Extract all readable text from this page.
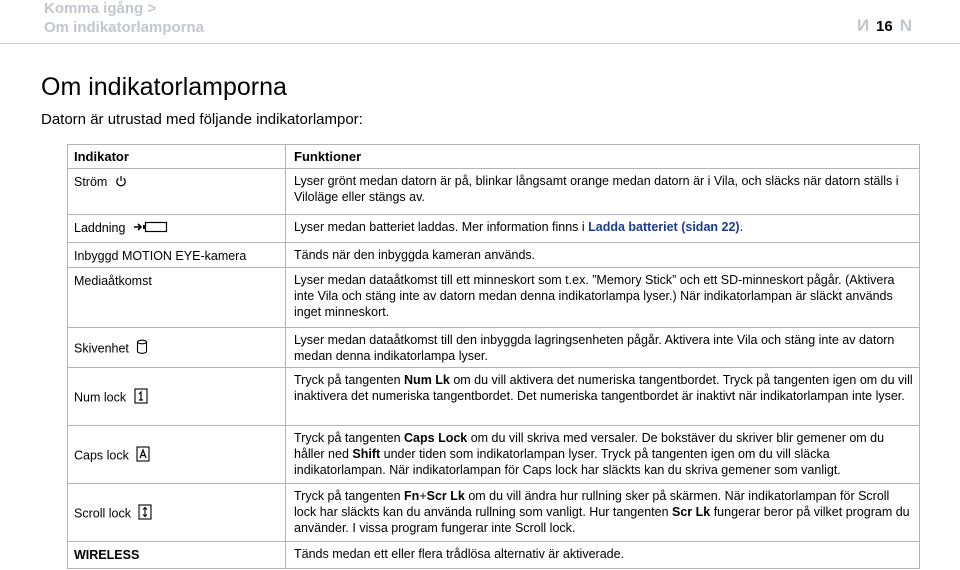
Komma igång >
Om indikatorlamporna	N 16 N
Om indikatorlamporna
Datorn är utrustad med följande indikatorlampor:
Indikator	Funktioner
Ström	Lyser grönt medan datorn är på, blinkar långsamt orange medan datorn är i Vila, och släcks när datorn ställs i Viloläge eller stängs av.
Laddning	Lyser medan batteriet laddas. Mer information finns i Ladda batteriet (sidan 22).
Inbyggd MOTION EYE-kamera	Tänds när den inbyggda kameran används.
Mediaåtkomst	Lyser medan dataåtkomst till ett minneskort som t.ex. ”Memory Stick” och ett SD-minneskort pågår. (Aktivera inte Vila och stäng inte av datorn medan denna indikatorlampa lyser.) När indikatorlampan är släckt används inget minneskort.
Skivenhet	Lyser medan dataåtkomst till den inbyggda lagringsenheten pågår. Aktivera inte Vila och stäng inte av datorn medan denna indikatorlampa lyser.
Num lock	Tryck på tangenten Num Lk om du vill aktivera det numeriska tangentbordet. Tryck på tangenten igen om du vill inaktivera det numeriska tangentbordet. Det numeriska tangentbordet är inaktivt när indikatorlampan inte lyser.
Caps lock	Tryck på tangenten Caps Lock om du vill skriva med versaler. De bokstäver du skriver blir gemener om du håller ned Shift under tiden som indikatorlampan lyser. Tryck på tangenten igen om du vill släcka indikatorlampan. När indikatorlampan för Caps lock har släckts kan du skriva gemener som vanligt.
Scroll lock	Tryck på tangenten Fn+Scr Lk om du vill ändra hur rullning sker på skärmen. När indikatorlampan för Scroll lock har släckts kan du använda rullning som vanligt. Hur tangenten Scr Lk fungerar beror på vilket program du använder. I vissa program fungerar inte Scroll lock.
WIRELESS	Tänds medan ett eller flera trådlösa alternativ är aktiverade.
